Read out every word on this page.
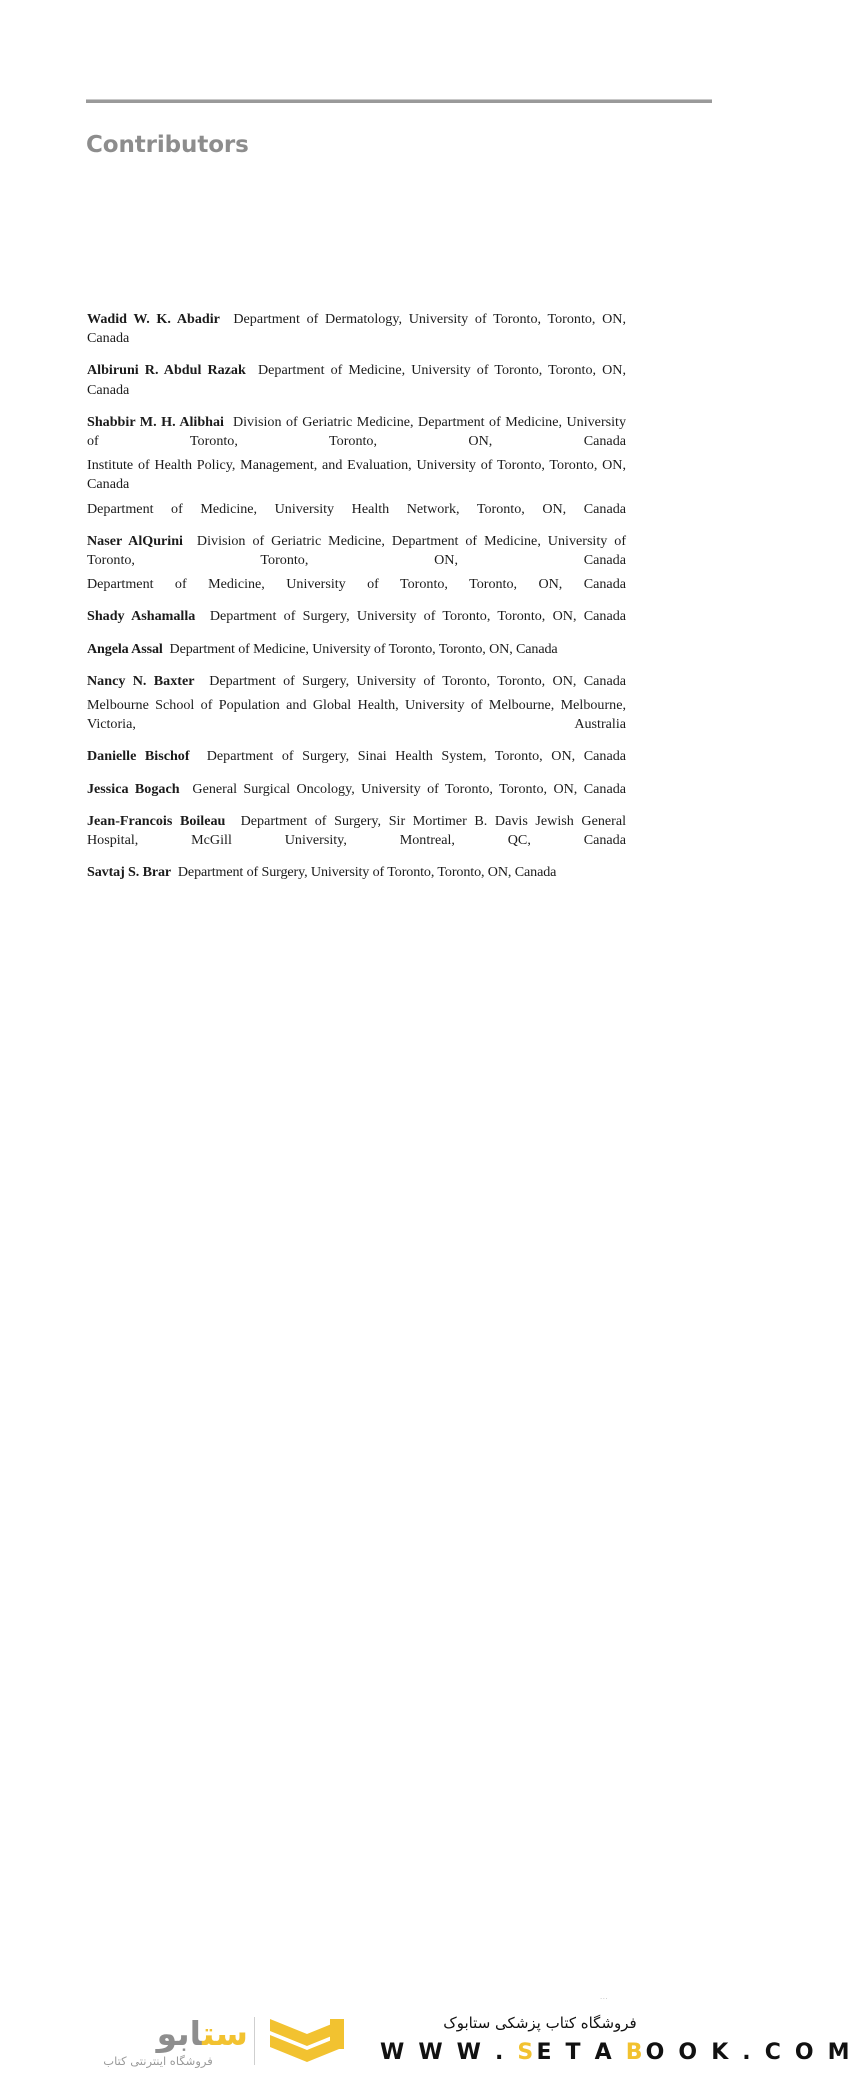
Contributors

Wadid W. K. Abadir Department of Dermatology, University of Toronto, Toronto, ON, Canada

Albiruni R. Abdul Razak Department of Medicine, University of Toronto, Toronto, ON, Canada

Shabbir M. H. Alibhai Division of Geriatric Medicine, Department of Medicine, University of Toronto, Toronto, ON, Canada

Institute of Health Policy, Management, and Evaluation, University of Toronto, Toronto, ON, Canada

Department of Medicine, University Health Network, Toronto, ON, Canada

Naser AlQurini Division of Geriatric Medicine, Department of Medicine, University of Toronto, Toronto, ON, Canada

Department of Medicine, University of Toronto, Toronto, ON, Canada

Shady Ashamalla Department of Surgery, University of Toronto, Toronto, ON, Canada

Angela Assal Department of Medicine, University of Toronto, Toronto, ON, Canada

Nancy N. Baxter Department of Surgery, University of Toronto, Toronto, ON, Canada

Melbourne School of Population and Global Health, University of Melbourne, Melbourne, Victoria, Australia

Danielle Bischof Department of Surgery, Sinai Health System, Toronto, ON, Canada

Jessica Bogach General Surgical Oncology, University of Toronto, Toronto, ON, Canada

Jean-Francois Boileau Department of Surgery, Sir Mortimer B. Davis Jewish General Hospital, McGill University, Montreal, QC, Canada

Savtaj S. Brar Department of Surgery, University of Toronto, Toronto, ON, Canada

...
ستابو
فروشگاه اینترنتی کتاب
فروشگاه کتاب پزشکی ستابوک
W W W . SE T A BO O K . C O M
